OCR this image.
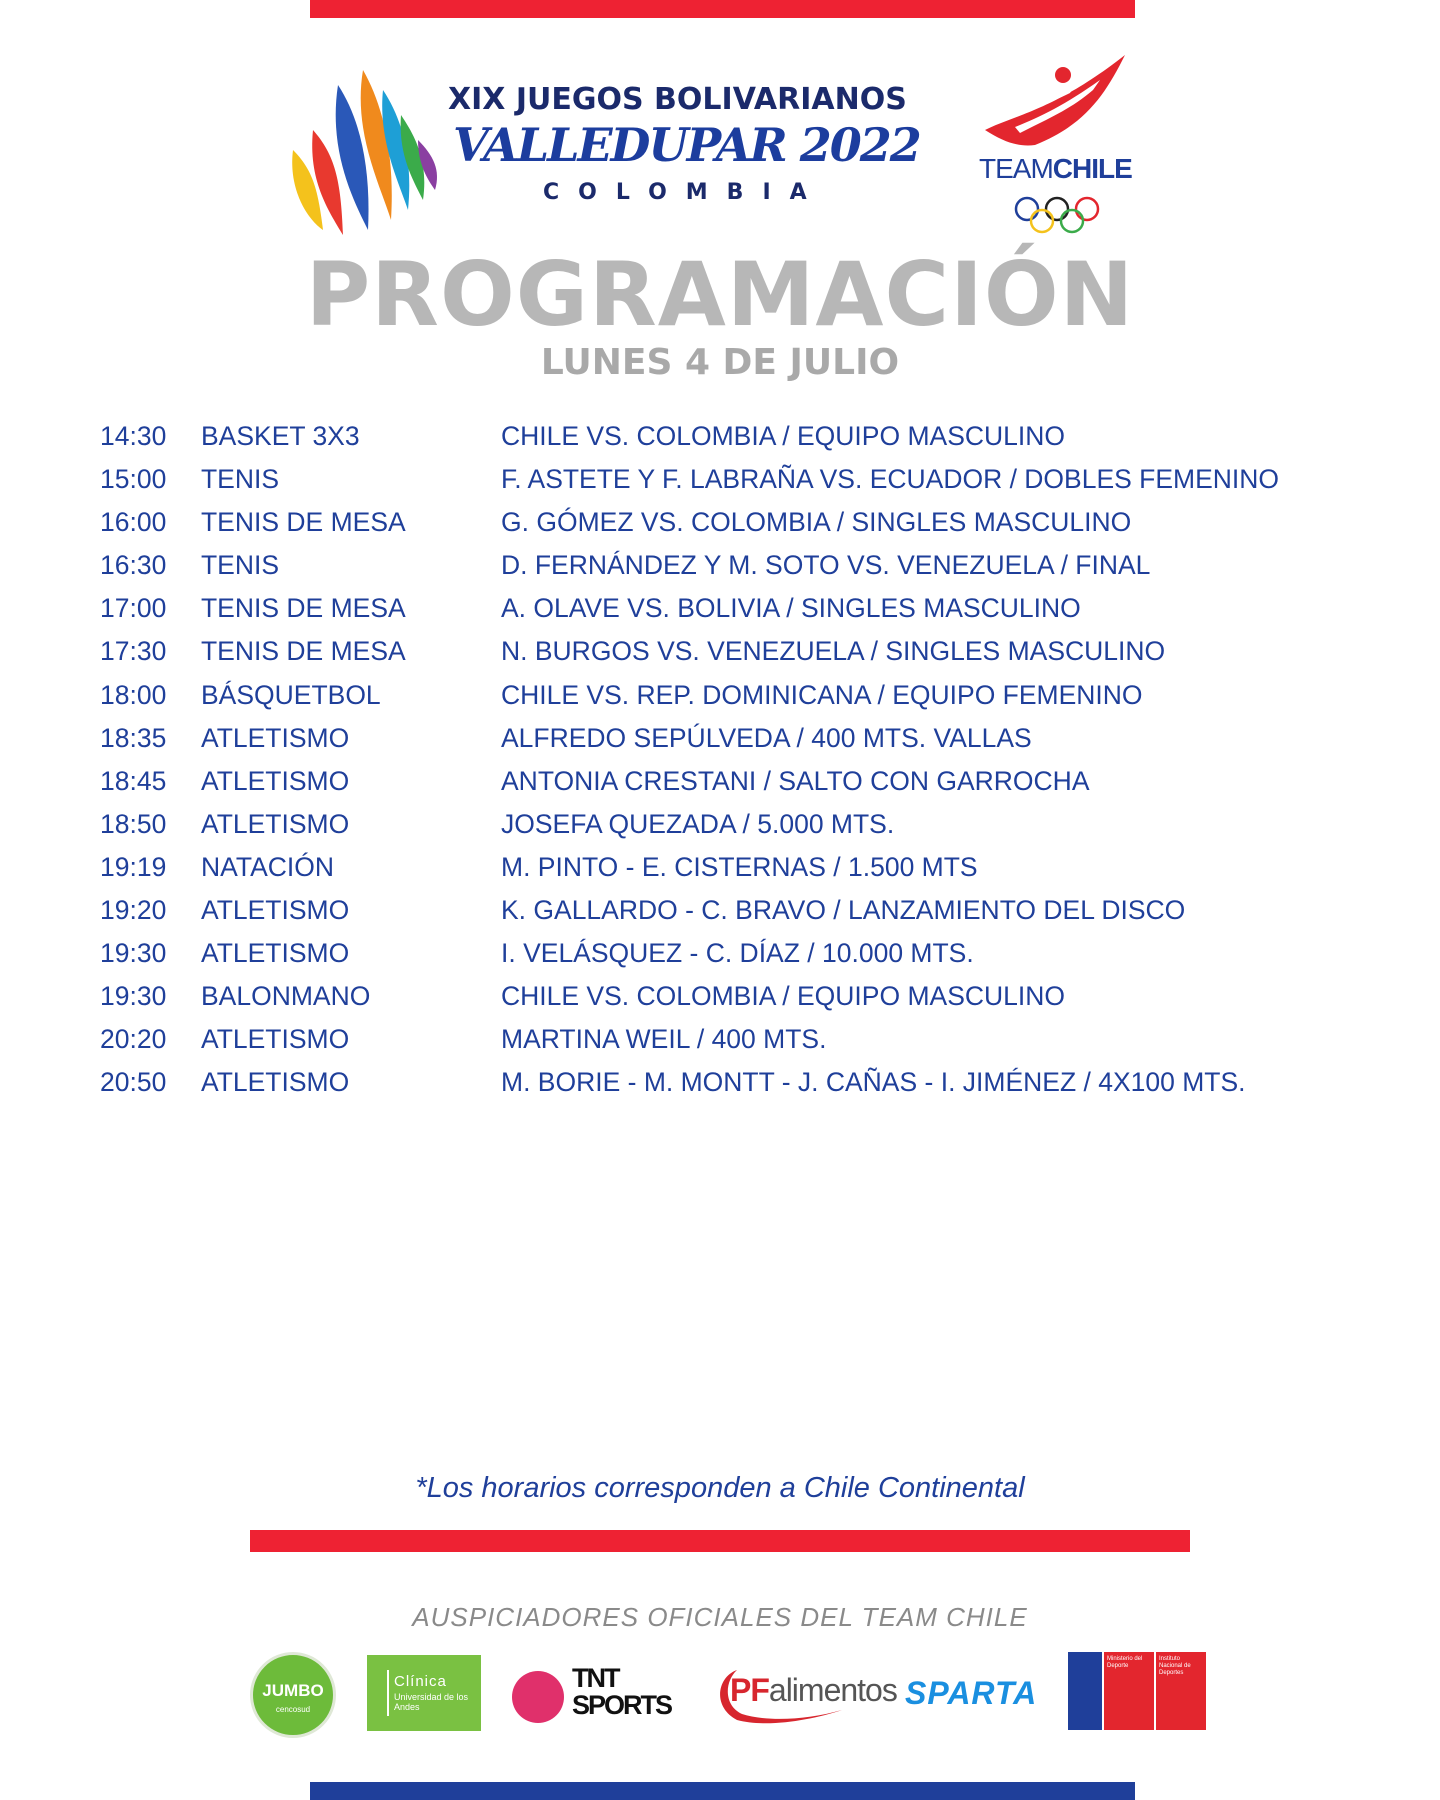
XIX JUEGOS BOLIVARIANOS
VALLEDUPAR 2022
COLOMBIA
TEAMCHILE
PROGRAMACIÓN
LUNES 4 DE JULIO
14:30 BASKET 3X3	CHILE VS. COLOMBIA / EQUIPO MASCULINO
15:00 TENIS	F. ASTETE Y F. LABRAÑA VS. ECUADOR / DOBLES FEMENINO
16:00 TENIS DE MESA	G. GÓMEZ VS. COLOMBIA / SINGLES MASCULINO
16:30 TENIS	D. FERNÁNDEZ Y M. SOTO VS. VENEZUELA / FINAL
17:00 TENIS DE MESA	A. OLAVE VS. BOLIVIA / SINGLES MASCULINO
17:30 TENIS DE MESA	N. BURGOS VS. VENEZUELA / SINGLES MASCULINO
18:00 BÁSQUETBOL	CHILE VS. REP. DOMINICANA / EQUIPO FEMENINO
18:35 ATLETISMO	ALFREDO SEPÚLVEDA / 400 MTS. VALLAS
18:45 ATLETISMO	ANTONIA CRESTANI / SALTO CON GARROCHA
18:50 ATLETISMO	JOSEFA QUEZADA / 5.000 MTS.
19:19 NATACIÓN	M. PINTO - E. CISTERNAS / 1.500 MTS
19:20 ATLETISMO	K. GALLARDO - C. BRAVO / LANZAMIENTO DEL DISCO
19:30 ATLETISMO	I. VELÁSQUEZ - C. DÍAZ / 10.000 MTS.
19:30 BALONMANO	CHILE VS. COLOMBIA / EQUIPO MASCULINO
20:20 ATLETISMO	MARTINA WEIL / 400 MTS.
20:50 ATLETISMO	M. BORIE - M. MONTT - J. CAÑAS - I. JIMÉNEZ / 4X100 MTS.
*Los horarios corresponden a Chile Continental
AUSPICIADORES OFICIALES DEL TEAM CHILE
JUMBO
cencosud
Clínica
Universidad de los Andes
TNT
SPORTS PFalimentos SPARTA
Ministerio del Deporte
Instituto Nacional de Deportes
